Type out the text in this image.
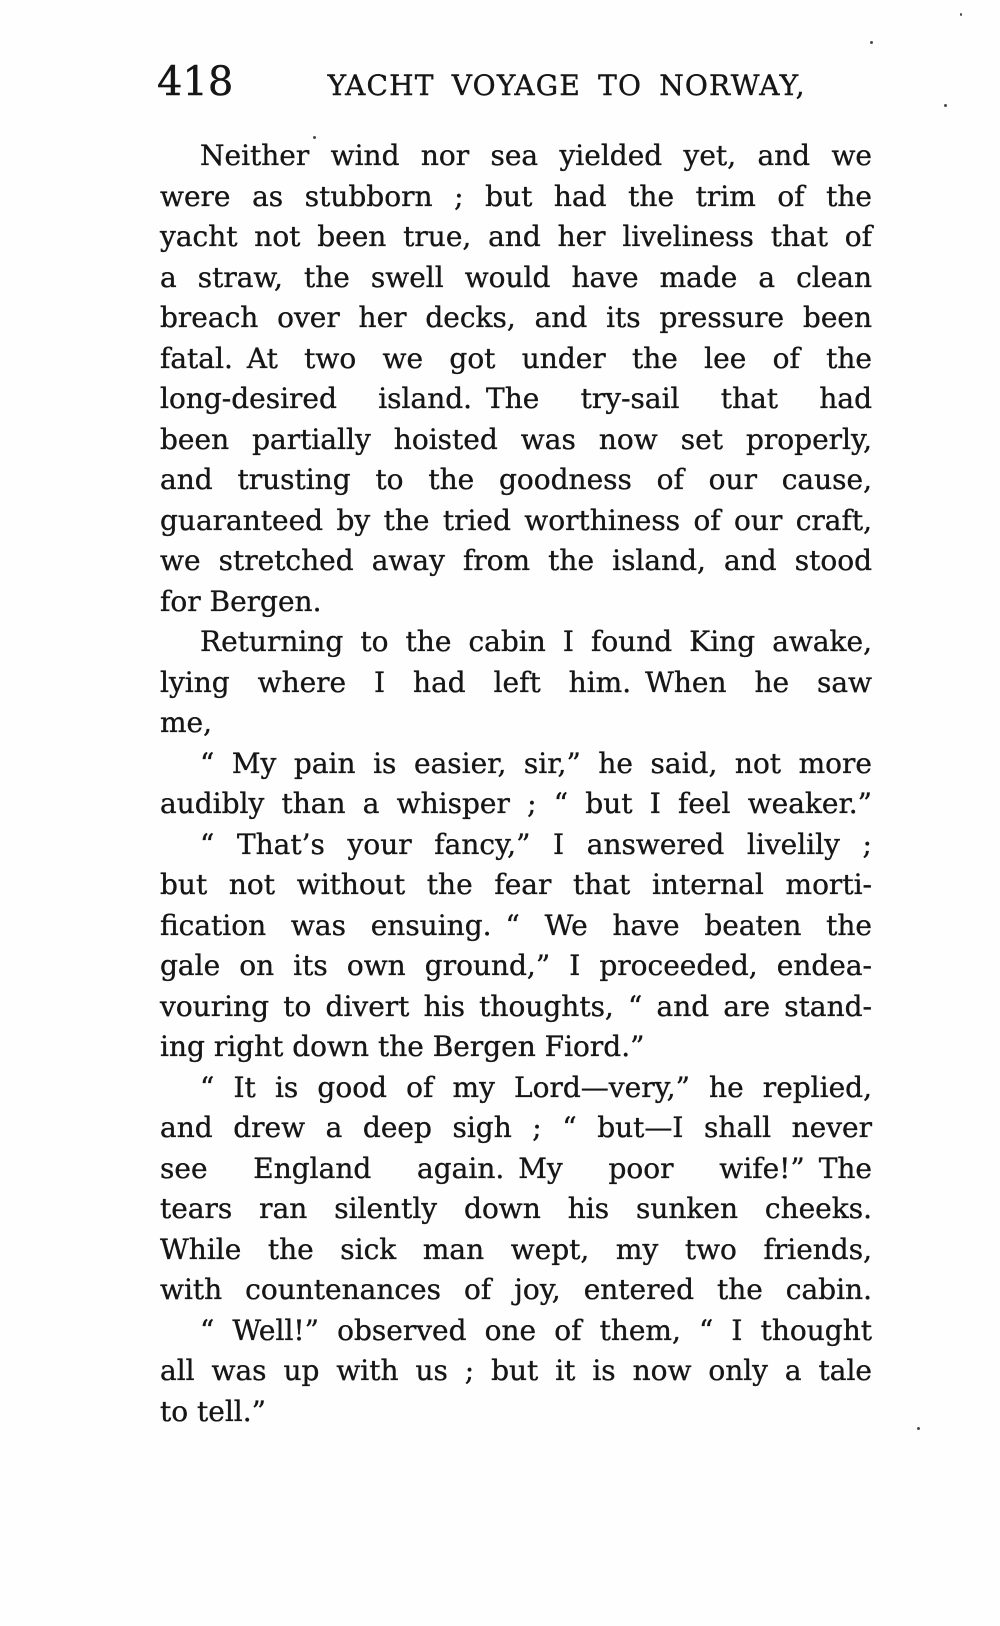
418	YACHT VOYAGE TO NORWAY,
Neither wind nor sea yielded yet, and we
were as stubborn ; but had the trim of the
yacht not been true, and her liveliness that of
a straw, the swell would have made a clean
breach over her decks, and its pressure been
fatal. At two we got under the lee of the
long-desired island. The try-sail that had
been partially hoisted was now set properly,
and trusting to the goodness of our cause,
guaranteed by the tried worthiness of our craft,
we stretched away from the island, and stood
for Bergen.
Returning to the cabin I found King awake,
lying where I had left him. When he saw
me,
“ My pain is easier, sir,” he said, not more
audibly than a whisper ; “ but I feel weaker.”
“ That’s your fancy,” I answered livelily ;
but not without the fear that internal morti-
fication was ensuing. “ We have beaten the
gale on its own ground,” I proceeded, endea-
vouring to divert his thoughts, “ and are stand-
ing right down the Bergen Fiord.”
“ It is good of my Lord—very,” he replied,
and drew a deep sigh ; “ but—I shall never
see England again. My poor wife!” The
tears ran silently down his sunken cheeks.
While the sick man wept, my two friends,
with countenances of joy, entered the cabin.
“ Well!” observed one of them, “ I thought
all was up with us ; but it is now only a tale
to tell.”
